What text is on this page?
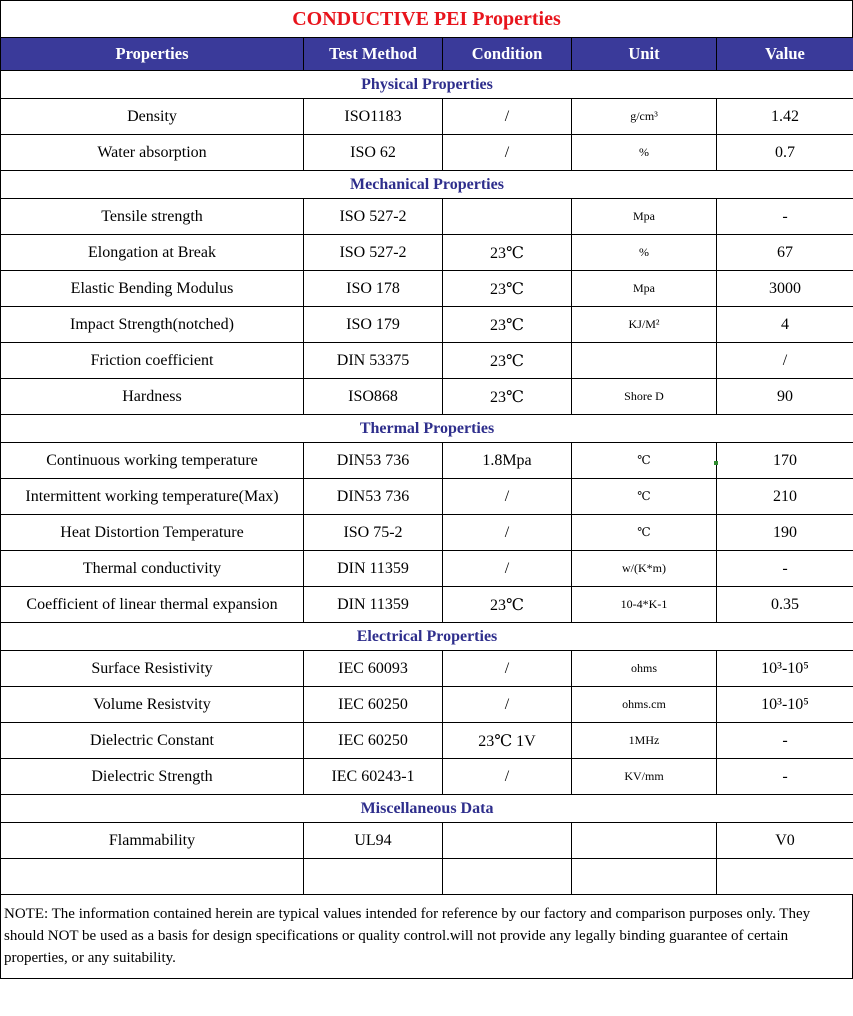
CONDUCTIVE PEI Properties
Properties	Test Method	Condition	Unit	Value
Physical Properties				
Density	ISO1183	/	g/cm³	1.42
Water absorption	ISO 62	/	%	0.7
Mechanical Properties				
Tensile strength	ISO 527-2		Mpa	-
Elongation at Break	ISO 527-2	23℃	%	67
Elastic Bending Modulus	ISO 178	23℃	Mpa	3000
Impact Strength(notched)	ISO 179	23℃	KJ/M²	4
Friction coefficient	DIN 53375	23℃		/
Hardness	ISO868	23℃	Shore D	90
Thermal Properties				
Continuous working temperature	DIN53 736	1.8Mpa	℃	170
Intermittent working temperature(Max)	DIN53 736	/	℃	210
Heat Distortion Temperature	ISO 75-2	/	℃	190
Thermal conductivity	DIN 11359	/	w/(K*m)	-
Coefficient of linear thermal expansion	DIN 11359	23℃	10-4*K-1	0.35
Electrical Properties				
Surface Resistivity	IEC 60093	/	ohms	10³-10⁵
Volume Resistvity	IEC 60250	/	ohms.cm	10³-10⁵
Dielectric Constant	IEC 60250	23℃ 1V	1MHz	-
Dielectric Strength	IEC 60243-1	/	KV/mm	-
Miscellaneous Data				
Flammability	UL94			V0

NOTE: The information contained herein are typical values intended for reference by our factory and comparison purposes only. They should NOT be used as a basis for design specifications or quality control.will not provide any legally binding guarantee of certain properties, or any suitability.
